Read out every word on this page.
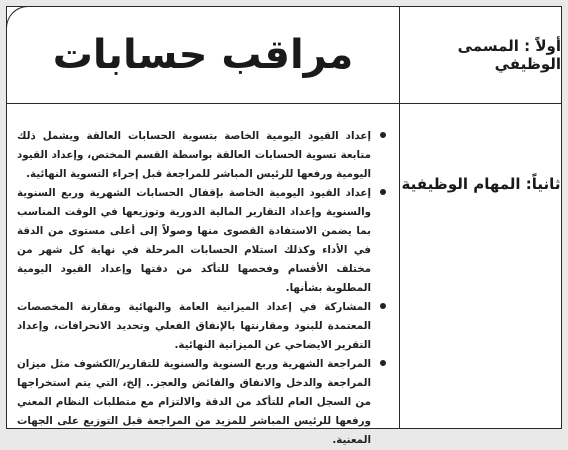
مراقب حسابات	أولاً : المسمى الوظيفي
ثانياً: المهام الوظيفية
إعداد القيود اليومية الخاصة بتسوية الحسابات العالقة ويشمل ذلك متابعة تسوية الحسابات العالقة بواسطة القسم المختص، وإعداد القيود اليومية ورفعها للرئيس المباشر للمراجعة قبل إجراء التسوية النهائية.
إعداد القيود اليومية الخاصة بإقفال الحسابات الشهرية وربع السنوية والسنوية وإعداد التقارير المالية الدورية وتوزيعها في الوقت المناسب بما يضمن الاستفادة القصوى منها وصولاً إلى أعلى مستوى من الدقة في الأداء وكذلك استلام الحسابات المرحلة في نهاية كل شهر من مختلف الأقسام وفحصها للتأكد من دقتها وإعداد القيود اليومية المطلوبة بشأنها.
المشاركة في إعداد الميزانية العامة والنهائية ومقارنة المخصصات المعتمدة للبنود ومقارنتها بالإنفاق الفعلي وتحديد الانحرافات، وإعداد التقرير الايضاحي عن الميزانية النهائية.
المراجعة الشهرية وربع السنوية والسنوية للتقارير/الكشوف مثل ميزان المراجعة والدخل والانفاق والفائض والعجز.. إلخ، التي يتم استخراجها من السجل العام للتأكد من الدقة والالتزام مع متطلبات النظام المعني ورفعها للرئيس المباشر للمزيد من المراجعة قبل التوزيع على الجهات المعنية.
